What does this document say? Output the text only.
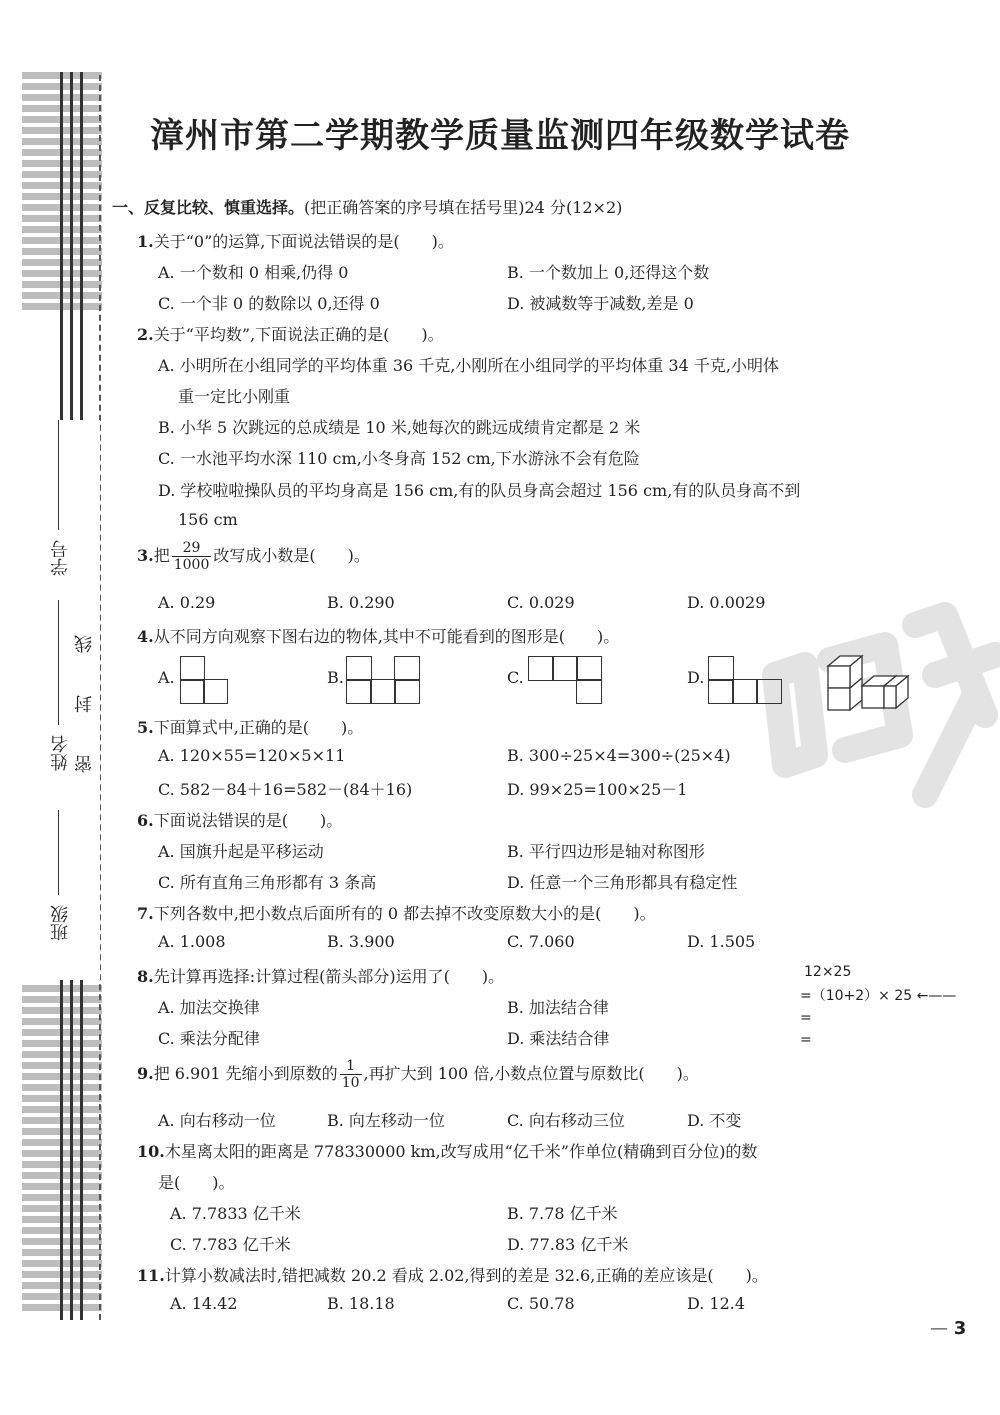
班级
姓名
学号
密
封
线
漳州市第二学期教学质量监测四年级数学试卷
一、反复比较、慎重选择。(把正确答案的序号填在括号里)24 分(12×2)
1.关于“0”的运算,下面说法错误的是(　　)。
A. 一个数和 0 相乘,仍得 0	B. 一个数加上 0,还得这个数
C. 一个非 0 的数除以 0,还得 0	D. 被减数等于减数,差是 0
2.关于“平均数”,下面说法正确的是(　　)。
A. 小明所在小组同学的平均体重 36 千克,小刚所在小组同学的平均体重 34 千克,小明体
重一定比小刚重
B. 小华 5 次跳远的总成绩是 10 米,她每次的跳远成绩肯定都是 2 米
C. 一水池平均水深 110 cm,小冬身高 152 cm,下水游泳不会有危险
D. 学校啦啦操队员的平均身高是 156 cm,有的队员身高会超过 156 cm,有的队员身高不到
156 cm
3.把 $\frac{29}{1000}$ 改写成小数是(　　)。
A. 0.29	B. 0.290	C. 0.029	D. 0.0029
4.从不同方向观察下图右边的物体,其中不可能看到的图形是(　　)。
A.	B.	C.	D.
5.下面算式中,正确的是(　　)。
A. 120×55=120×5×11	B. 300÷25×4=300÷(25×4)
C. 582－84＋16=582－(84＋16)	D. 99×25=100×25－1
6.下面说法错误的是(　　)。
A. 国旗升起是平移运动	B. 平行四边形是轴对称图形
C. 所有直角三角形都有 3 条高	D. 任意一个三角形都具有稳定性
7.下列各数中,把小数点后面所有的 0 都去掉不改变原数大小的是(　　)。
A. 1.008	B. 3.900	C. 7.060	D. 1.505
8.先计算再选择:计算过程(箭头部分)运用了(　　)。
A. 加法交换律	B. 加法结合律
C. 乘法分配律	D. 乘法结合律
12×25
=（10+2）× 25 ←——
=
=
9.把 6.901 先缩小到原数的 $\frac{1}{10}$ ,再扩大到 100 倍,小数点位置与原数比(　　)。
A. 向右移动一位	B. 向左移动一位	C. 向右移动三位	D. 不变
10.木星离太阳的距离是 778330000 km,改写成用“亿千米”作单位(精确到百分位)的数
是(　　)。
A. 7.7833 亿千米	B. 7.78 亿千米
C. 7.783 亿千米	D. 77.83 亿千米
11.计算小数减法时,错把减数 20.2 看成 2.02,得到的差是 32.6,正确的差应该是(　　)。
A. 14.42	B. 18.18	C. 50.78	D. 12.4
— 3
